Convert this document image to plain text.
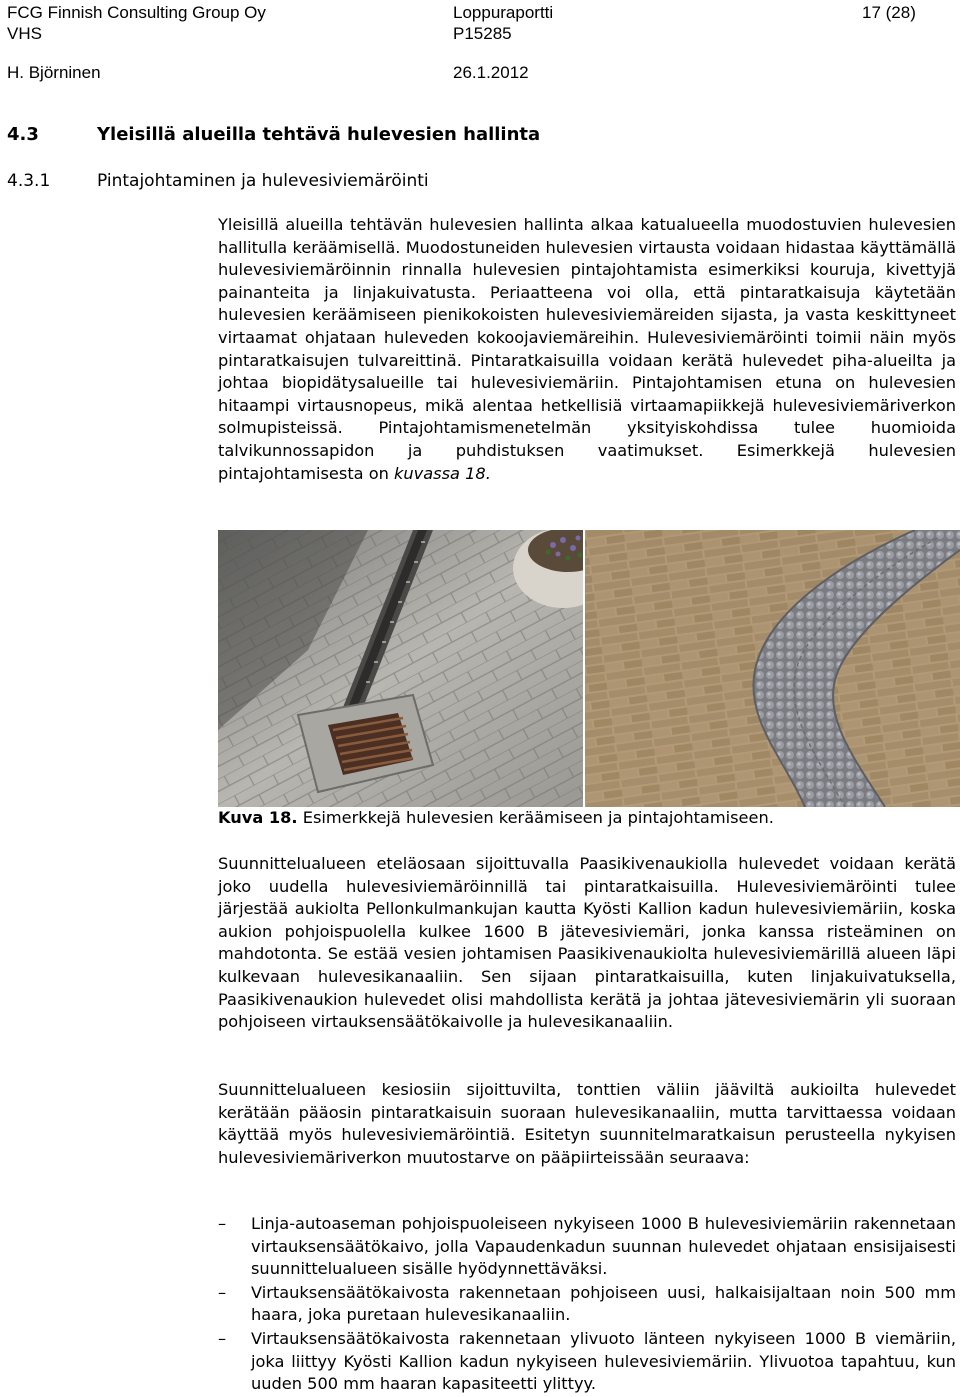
FCG Finnish Consulting Group Oy	Loppuraportti	17 (28)
VHS	P15285
H. Björninen	26.1.2012
4.3	Yleisillä alueilla tehtävä hulevesien hallinta
4.3.1	Pintajohtaminen ja hulevesiviemäröinti

Yleisillä alueilla tehtävän hulevesien hallinta alkaa katualueella muodostuvien hulevesien hallitulla keräämisellä. Muodostuneiden hulevesien virtausta voidaan hidastaa käyttämällä hulevesiviemäröinnin rinnalla hulevesien pintajohtamista esimerkiksi kouruja, kivettyjä painanteita ja linjakuivatusta. Periaatteena voi olla, että pintaratkaisuja käytetään hulevesien keräämiseen pienikokoisten hulevesiviemäreiden sijasta, ja vasta keskittyneet virtaamat ohjataan huleveden kokoojaviemäreihin. Hulevesiviemäröinti toimii näin myös pintaratkaisujen tulvareittinä. Pintaratkaisuilla voidaan kerätä hulevedet piha-alueilta ja johtaa biopidätysalueille tai hulevesiviemäriin. Pintajohtamisen etuna on hulevesien hitaampi virtausnopeus, mikä alentaa hetkellisiä virtaamapiikkejä hulevesiviemäriverkon solmupisteissä. Pintajohtamismenetelmän yksityiskohdissa tulee huomioida talvikunnossapidon ja puhdistuksen vaatimukset. Esimerkkejä hulevesien pintajohtamisesta on kuvassa 18.

Kuva 18. Esimerkkejä hulevesien keräämiseen ja pintajohtamiseen.

Suunnittelualueen eteläosaan sijoittuvalla Paasikivenaukiolla hulevedet voidaan kerätä joko uudella hulevesiviemäröinnillä tai pintaratkaisuilla. Hulevesiviemäröinti tulee järjestää aukiolta Pellonkulmankujan kautta Kyösti Kallion kadun hulevesiviemäriin, koska aukion pohjoispuolella kulkee 1600 B jätevesiviemäri, jonka kanssa risteäminen on mahdotonta. Se estää vesien johtamisen Paasikivenaukiolta hulevesiviemärillä alueen läpi kulkevaan hulevesikanaaliin. Sen sijaan pintaratkaisuilla, kuten linjakuivatuksella, Paasikivenaukion hulevedet olisi mahdollista kerätä ja johtaa jätevesiviemärin yli suoraan pohjoiseen virtauksensäätökaivolle ja hulevesikanaaliin.

Suunnittelualueen kesiosiin sijoittuvilta, tonttien väliin jääviltä aukioilta hulevedet kerätään pääosin pintaratkaisuin suoraan hulevesikanaaliin, mutta tarvittaessa voidaan käyttää myös hulevesiviemäröintiä. Esitetyn suunnitelmaratkaisun perusteella nykyisen hulevesiviemäriverkon muutostarve on pääpiirteissään seuraava:

–	Linja-autoaseman pohjoispuoleiseen nykyiseen 1000 B hulevesiviemäriin rakennetaan virtauksensäätökaivo, jolla Vapaudenkadun suunnan hulevedet ohjataan ensisijaisesti suunnittelualueen sisälle hyödynnettäväksi.
–	Virtauksensäätökaivosta rakennetaan pohjoiseen uusi, halkaisijaltaan noin 500 mm haara, joka puretaan hulevesikanaaliin.
–	Virtauksensäätökaivosta rakennetaan ylivuoto länteen nykyiseen 1000 B viemäriin, joka liittyy Kyösti Kallion kadun nykyiseen hulevesiviemäriin. Ylivuotoa tapahtuu, kun uuden 500 mm haaran kapasiteetti ylittyy.
